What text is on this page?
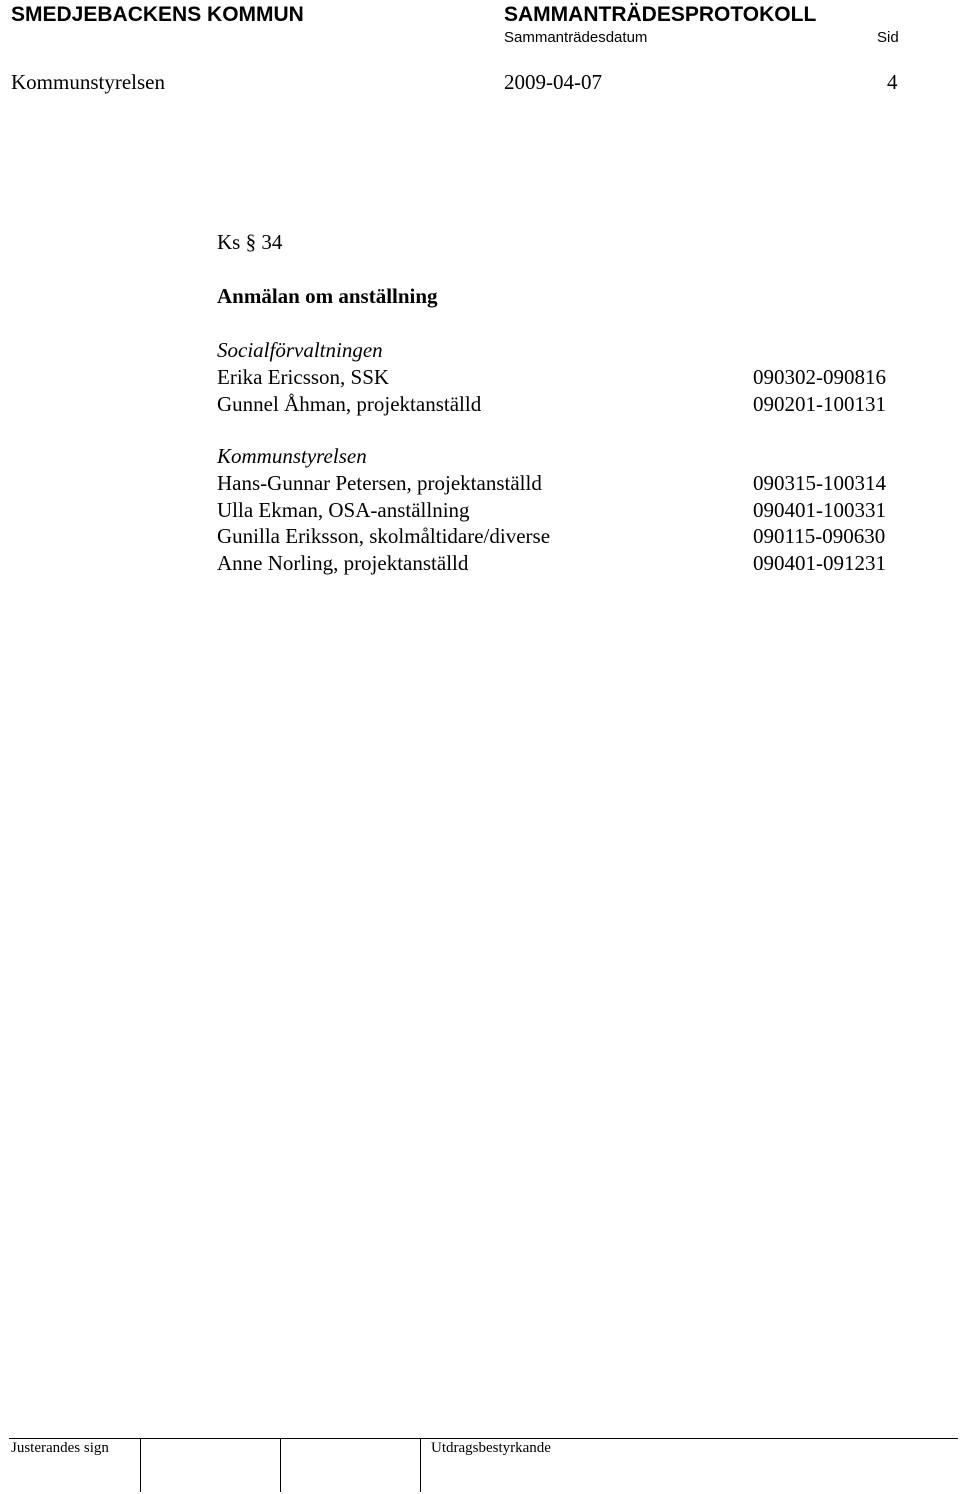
SMEDJEBACKENS KOMMUN	SAMMANTRÄDESPROTOKOLL
Sammanträdesdatum	Sid
Kommunstyrelsen	2009-04-07	4
Ks § 34
Anmälan om anställning
Socialförvaltningen
Erika Ericsson, SSK	090302-090816
Gunnel Åhman, projektanställd	090201-100131
Kommunstyrelsen
Hans-Gunnar Petersen, projektanställd	090315-100314
Ulla Ekman, OSA-anställning	090401-100331
Gunilla Eriksson, skolmåltidare/diverse	090115-090630
Anne Norling, projektanställd	090401-091231
Justerandes sign	Utdragsbestyrkande
